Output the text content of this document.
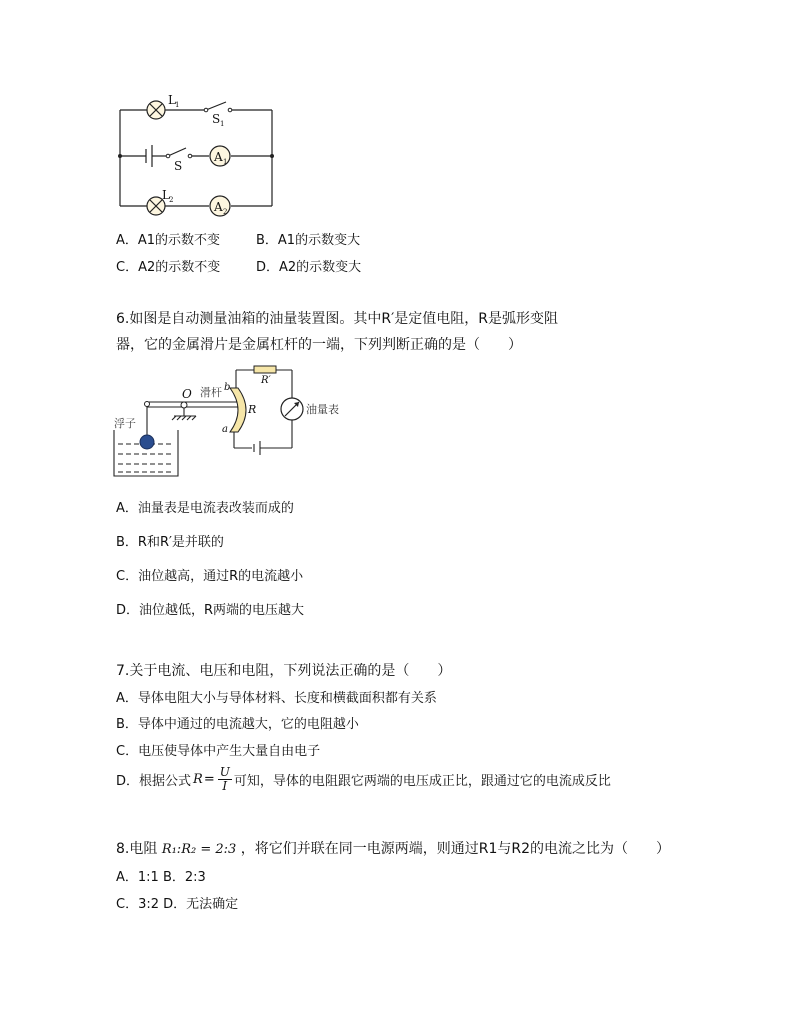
A 1
A 2
L 1
S 1
S
L 2
A．A1的示数不变	B．A1的示数变大
C．A2的示数不变	D．A2的示数变大
6.如图是自动测量油箱的油量装置图。其中R′是定值电阻，R是弧形变阻
器，它的金属滑片是金属杠杆的一端，下列判断正确的是（　　）
浮子
O 滑杆 b
a
R
R′
油量表
A．油量表是电流表改装而成的
B．R和R′是并联的
C．油位越高，通过R的电流越小
D．油位越低，R两端的电压越大
7.关于电流、电压和电阻，下列说法正确的是（　　）
A．导体电阻大小与导体材料、长度和横截面积都有关系
B．导体中通过的电流越大，它的电阻越小
C．电压使导体中产生大量自由电子
D．根据公式 $R = \frac{U}{I}$ 可知，导体的电阻跟它两端的电压成正比，跟通过它的电流成反比
8.电阻 R₁:R₂ = 2:3 ，将它们并联在同一电源两端，则通过R1与R2的电流之比为（　　）
A．1:1 B．2:3
C．3:2 D．无法确定
